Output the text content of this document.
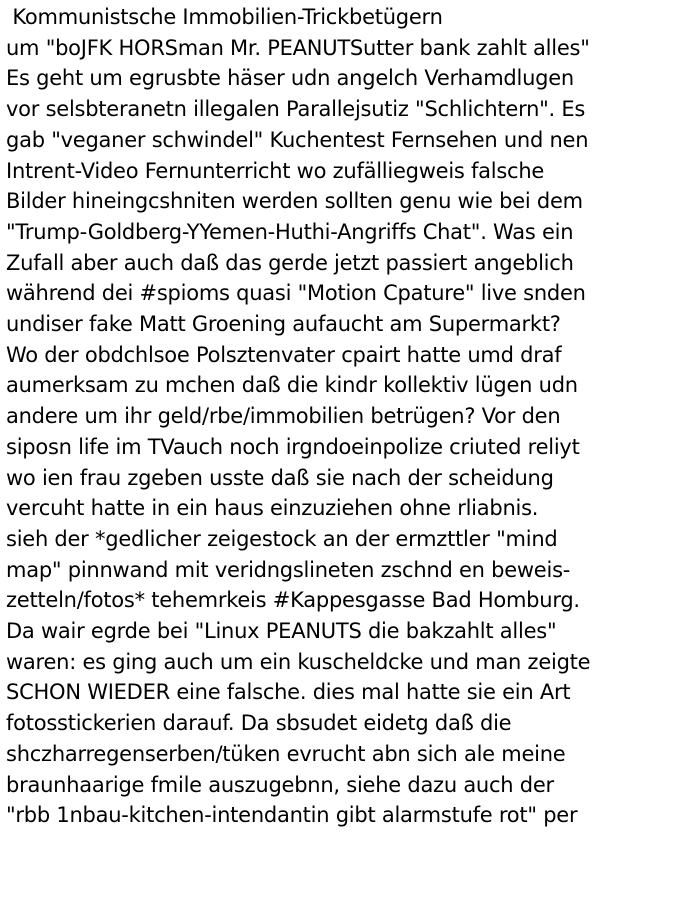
Kommunistsche Immobilien-Trickbetügern
um "boJFK HORSman Mr. PEANUTSutter bank zahlt alles"
Es geht um egrusbte häser udn angelch Verhamdlugen
vor selsbteranetn illegalen Parallejsutiz "Schlichtern". Es
gab "veganer schwindel" Kuchentest Fernsehen und nen
Intrent-Video Fernunterricht wo zufälliegweis falsche
Bilder hineingcshniten werden sollten genu wie bei dem
"Trump-Goldberg-YYemen-Huthi-Angriffs Chat". Was ein
Zufall aber auch daß das gerde jetzt passiert angeblich
während dei #spioms quasi "Motion Cpature" live snden
undiser fake Matt Groening aufaucht am Supermarkt?
Wo der obdchlsoe Polsztenvater cpairt hatte umd draf
aumerksam zu mchen daß die kindr kollektiv lügen udn
andere um ihr geld/rbe/immobilien betrügen? Vor den
siposn life im TVauch noch irgndoeinpolize criuted reliyt
wo ien frau zgeben usste daß sie nach der scheidung
vercuht hatte in ein haus einzuziehen ohne rliabnis.
sieh der *gedlicher zeigestock an der ermzttler "mind
map" pinnwand mit veridngslineten zschnd en beweis-
zetteln/fotos* tehemrkeis #Kappesgasse Bad Homburg.
Da wair egrde bei "Linux PEANUTS die bakzahlt alles"
waren: es ging auch um ein kuscheldcke und man zeigte
SCHON WIEDER eine falsche. dies mal hatte sie ein Art
fotosstickerien darauf. Da sbsudet eidetg daß die
shczharregenserben/tüken evrucht abn sich ale meine
braunhaarige fmile auszugebnn, siehe dazu auch der
"rbb 1nbau-kitchen-intendantin gibt alarmstufe rot" per
